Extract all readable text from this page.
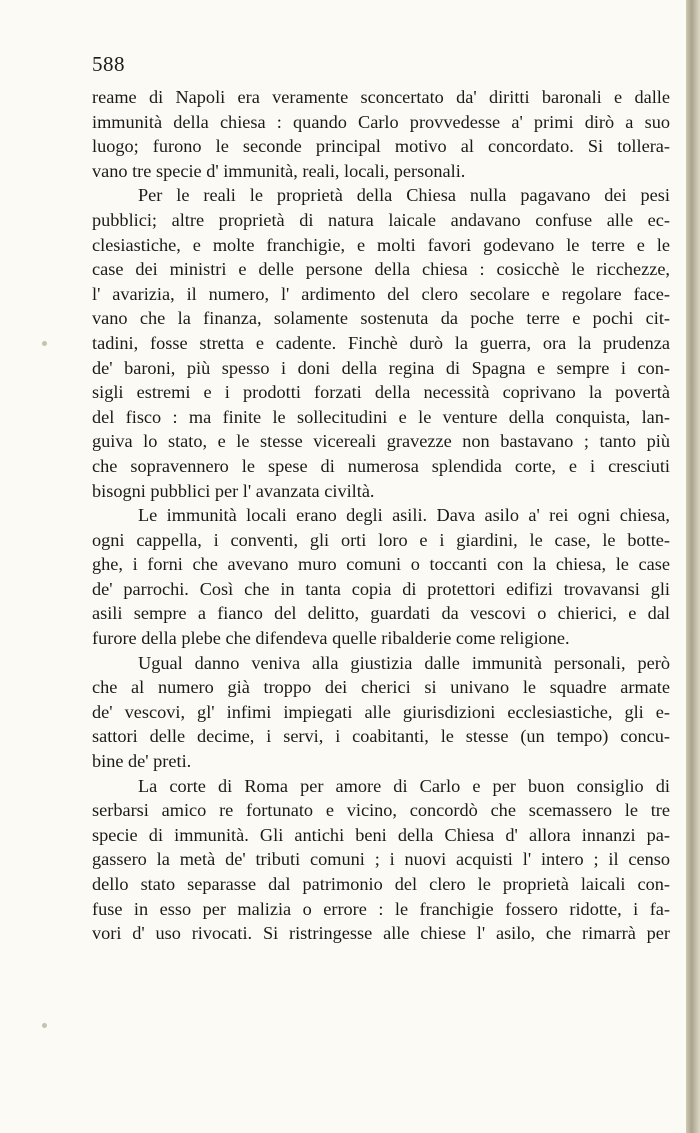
588
reame di Napoli era veramente sconcertato da' diritti baronali e dalle
immunità della chiesa : quando Carlo provvedesse a' primi dirò a suo
luogo; furono le seconde principal motivo al concordato. Si tollera-
vano tre specie d' immunità, reali, locali, personali.
Per le reali le proprietà della Chiesa nulla pagavano dei pesi
pubblici; altre proprietà di natura laicale andavano confuse alle ec-
clesiastiche, e molte franchigie, e molti favori godevano le terre e le
case dei ministri e delle persone della chiesa : cosicchè le ricchezze,
l' avarizia, il numero, l' ardimento del clero secolare e regolare face-
vano che la finanza, solamente sostenuta da poche terre e pochi cit-
tadini, fosse stretta e cadente. Finchè durò la guerra, ora la prudenza
de' baroni, più spesso i doni della regina di Spagna e sempre i con-
sigli estremi e i prodotti forzati della necessità coprivano la povertà
del fisco : ma finite le sollecitudini e le venture della conquista, lan-
guiva lo stato, e le stesse vicereali gravezze non bastavano ; tanto più
che sopravennero le spese di numerosa splendida corte, e i cresciuti
bisogni pubblici per l' avanzata civiltà.
Le immunità locali erano degli asili. Dava asilo a' rei ogni chiesa,
ogni cappella, i conventi, gli orti loro e i giardini, le case, le botte-
ghe, i forni che avevano muro comuni o toccanti con la chiesa, le case
de' parrochi. Così che in tanta copia di protettori edifizi trovavansi gli
asili sempre a fianco del delitto, guardati da vescovi o chierici, e dal
furore della plebe che difendeva quelle ribalderie come religione.
Ugual danno veniva alla giustizia dalle immunità personali, però
che al numero già troppo dei cherici si univano le squadre armate
de' vescovi, gl' infimi impiegati alle giurisdizioni ecclesiastiche, gli e-
sattori delle decime, i servi, i coabitanti, le stesse (un tempo) concu-
bine de' preti.
La corte di Roma per amore di Carlo e per buon consiglio di
serbarsi amico re fortunato e vicino, concordò che scemassero le tre
specie di immunità. Gli antichi beni della Chiesa d' allora innanzi pa-
gassero la metà de' tributi comuni ; i nuovi acquisti l' intero ; il censo
dello stato separasse dal patrimonio del clero le proprietà laicali con-
fuse in esso per malizia o errore : le franchigie fossero ridotte, i fa-
vori d' uso rivocati. Si ristringesse alle chiese l' asilo, che rimarrà per
